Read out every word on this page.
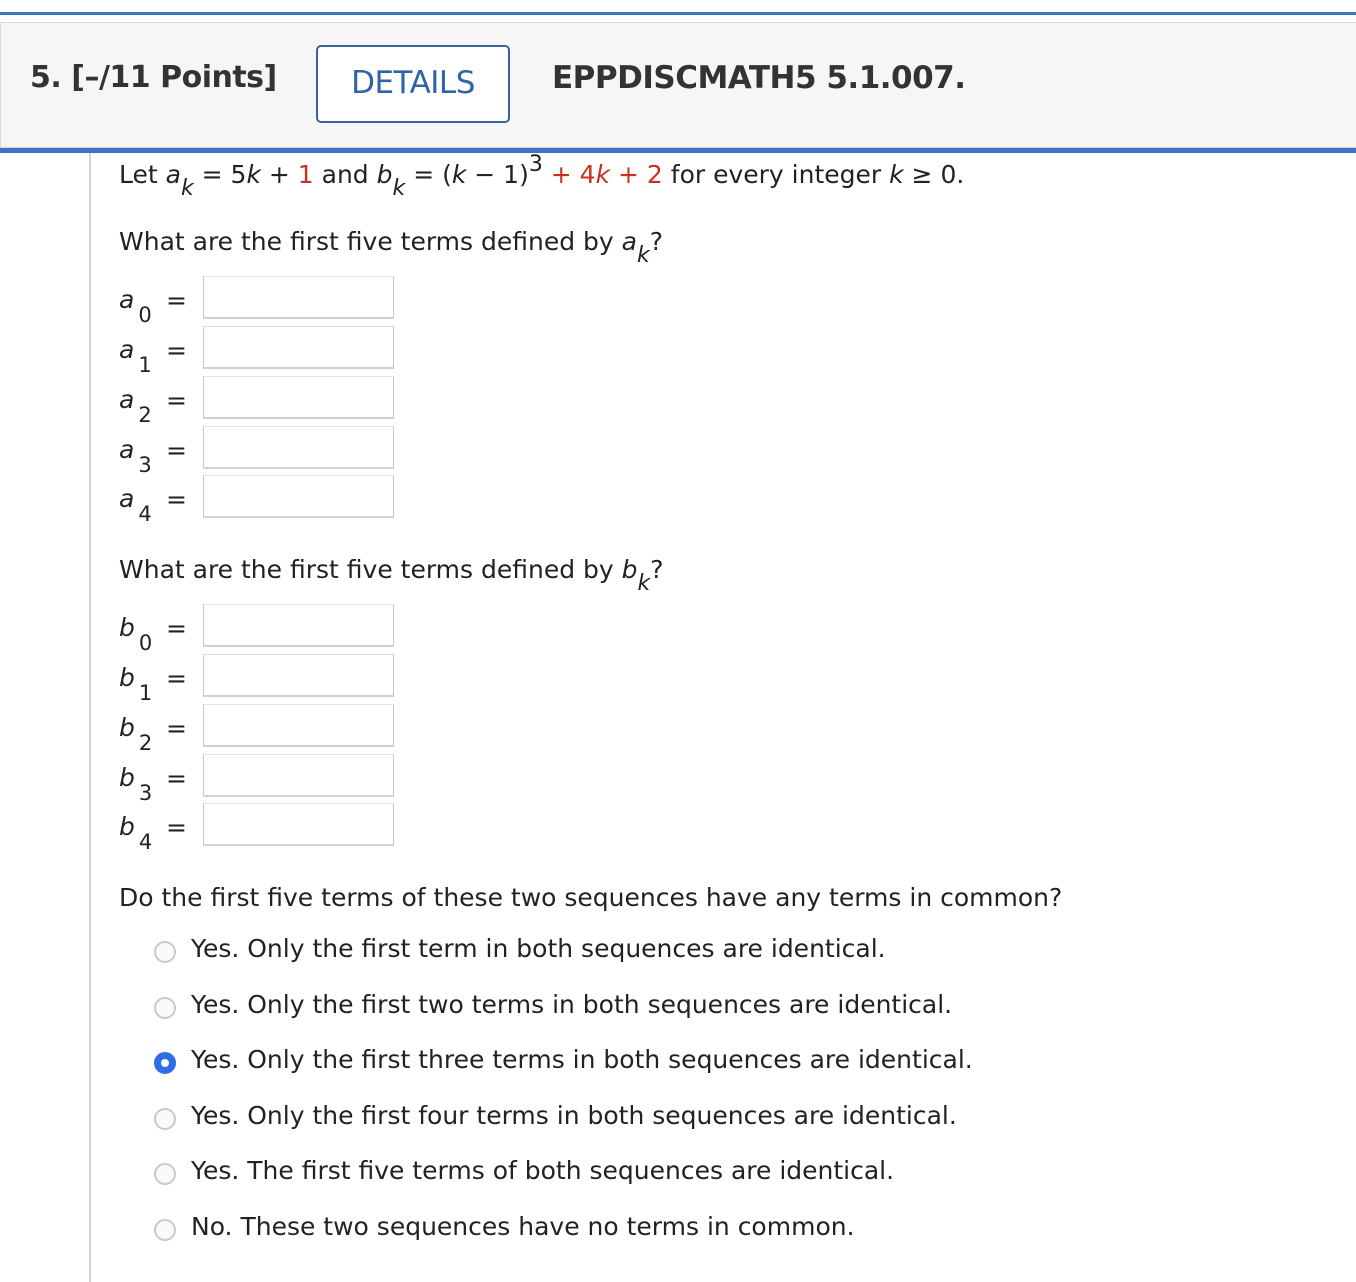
5. [–/11 Points]	DETAILS	EPPDISCMATH5 5.1.007.
Let ak = 5k + 1 and bk = (k − 1)3 + 4k + 2 for every integer k ≥ 0.
What are the first five terms defined by ak?
$a_0$ =
$a_1$ =
$a_2$ =
$a_3$ =
$a_4$ =
What are the first five terms defined by bk?
$b_0$ =
$b_1$ =
$b_2$ =
$b_3$ =
$b_4$ =
Do the first five terms of these two sequences have any terms in common?
Yes. Only the first term in both sequences are identical.
Yes. Only the first two terms in both sequences are identical.
Yes. Only the first three terms in both sequences are identical.
Yes. Only the first four terms in both sequences are identical.
Yes. The first five terms of both sequences are identical.
No. These two sequences have no terms in common.
